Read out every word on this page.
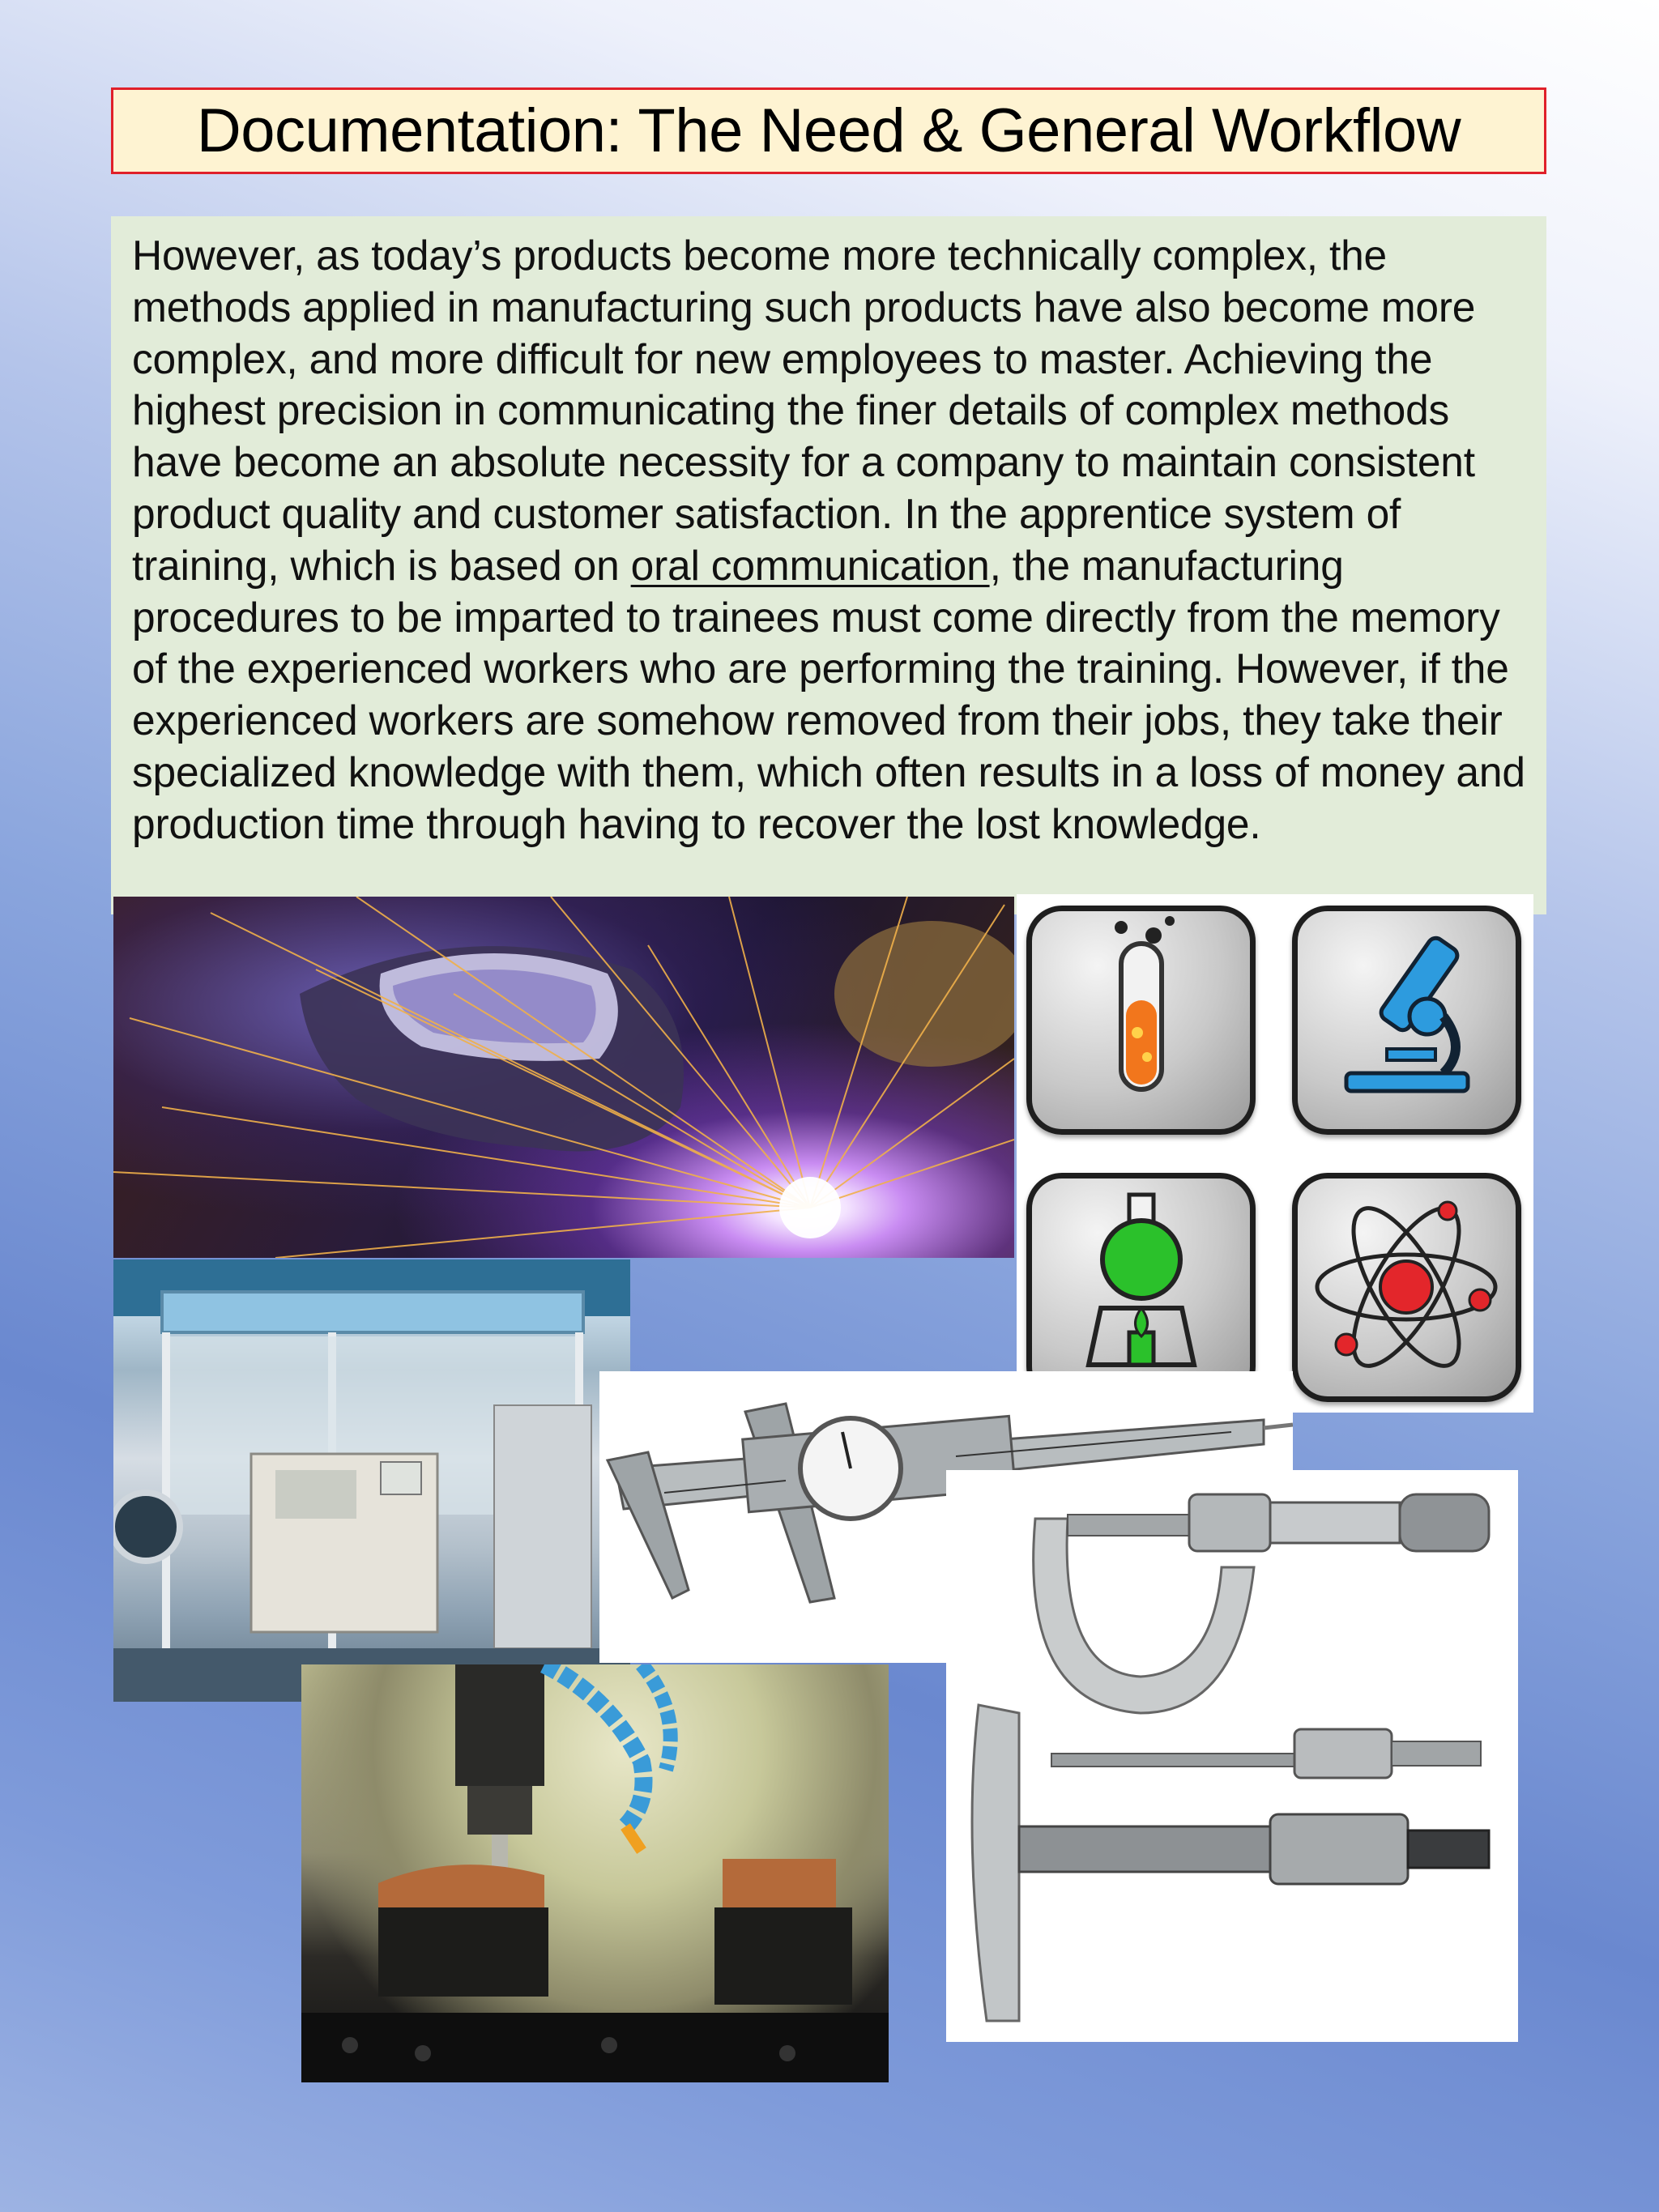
Documentation: The Need & General Workflow

However, as today’s products become more technically complex, the methods applied in manufacturing such products have also become more complex, and more difficult for new employees to master. Achieving the highest precision in communicating the finer details of complex methods have become an absolute necessity for a company to maintain consistent product quality and customer satisfaction. In the apprentice system of training, which is based on oral communication, the manufacturing procedures to be imparted to trainees must come directly from the memory of the experienced workers who are performing the training. However, if the experienced workers are somehow removed from their jobs, they take their specialized knowledge with them, which often results in a loss of money and production time through having to recover the lost knowledge.
